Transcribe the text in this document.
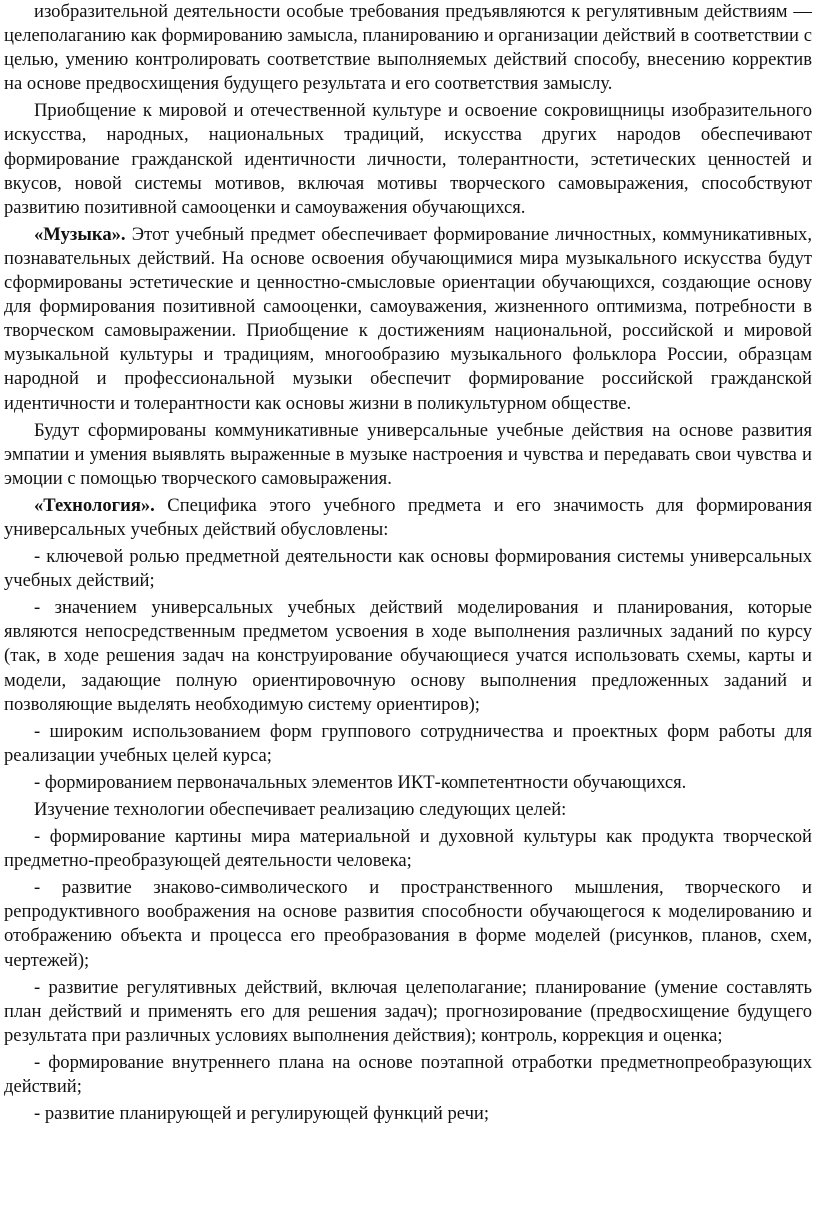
изобразительной деятельности особые требования предъявляются к регулятивным действиям — целеполаганию как формированию замысла, планированию и организации действий в соответствии с целью, умению контролировать соответствие выполняемых действий способу, внесению корректив на основе предвосхищения будущего результата и его соответствия замыслу.

Приобщение к мировой и отечественной культуре и освоение сокровищницы изобразительного искусства, народных, национальных традиций, искусства других народов обеспечивают формирование гражданской идентичности личности, толерантности, эстетических ценностей и вкусов, новой системы мотивов, включая мотивы творческого самовыражения, способствуют развитию позитивной самооценки и самоуважения обучающихся.

«Музыка». Этот учебный предмет обеспечивает формирование личностных, коммуникативных, познавательных действий. На основе освоения обучающимися мира музыкального искусства будут сформированы эстетические и ценностно-смысловые ориентации обучающихся, создающие основу для формирования позитивной самооценки, самоуважения, жизненного оптимизма, потребности в творческом самовыражении. Приобщение к достижениям национальной, российской и мировой музыкальной культуры и традициям, многообразию музыкального фольклора России, образцам народной и профессиональной музыки обеспечит формирование российской гражданской идентичности и толерантности как основы жизни в поликультурном обществе.

Будут сформированы коммуникативные универсальные учебные действия на основе развития эмпатии и умения выявлять выраженные в музыке настроения и чувства и передавать свои чувства и эмоции с помощью творческого самовыражения.

«Технология». Специфика этого учебного предмета и его значимость для формирования универсальных учебных действий обусловлены:

- ключевой ролью предметной деятельности как основы формирования системы универсальных учебных действий;

- значением универсальных учебных действий моделирования и планирования, которые являются непосредственным предметом усвоения в ходе выполнения различных заданий по курсу (так, в ходе решения задач на конструирование обучающиеся учатся использовать схемы, карты и модели, задающие полную ориентировочную основу выполнения предложенных заданий и позволяющие выделять необходимую систему ориентиров);

- широким использованием форм группового сотрудничества и проектных форм работы для реализации учебных целей курса;

- формированием первоначальных элементов ИКТ-компетентности обучающихся.

Изучение технологии обеспечивает реализацию следующих целей:

- формирование картины мира материальной и духовной культуры как продукта творческой предметно-преобразующей деятельности человека;

- развитие знаково-символического и пространственного мышления, творческого и репродуктивного воображения на основе развития способности обучающегося к моделированию и отображению объекта и процесса его преобразования в форме моделей (рисунков, планов, схем, чертежей);

- развитие регулятивных действий, включая целеполагание; планирование (умение составлять план действий и применять его для решения задач); прогнозирование (предвосхищение будущего результата при различных условиях выполнения действия); контроль, коррекция и оценка;

- формирование внутреннего плана на основе поэтапной отработки предметнопреобразующих действий;

- развитие планирующей и регулирующей функций речи;
